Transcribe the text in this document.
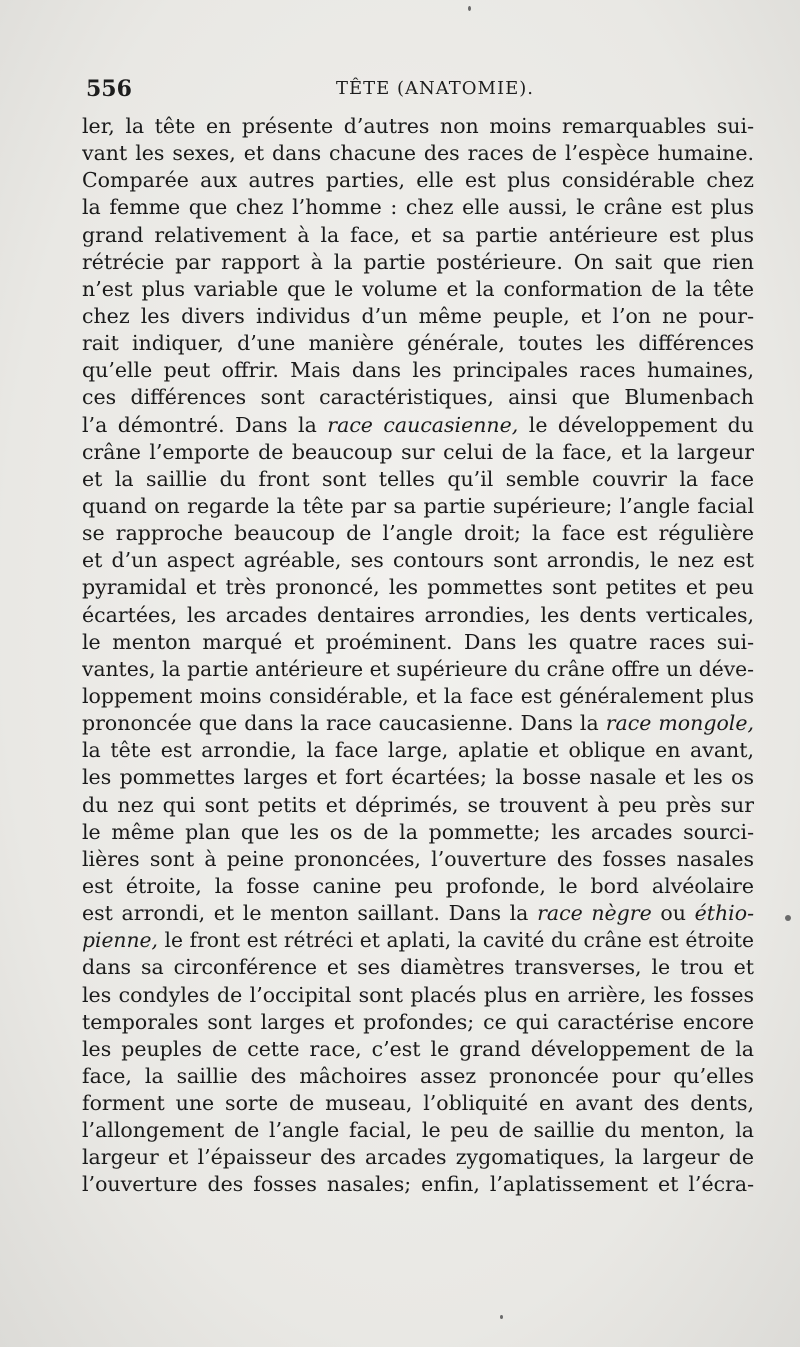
556	TÊTE (ANATOMIE).
ler, la tête en présente d’autres non moins remarquables sui-
vant les sexes, et dans chacune des races de l’espèce humaine.
Comparée aux autres parties, elle est plus considérable chez
la femme que chez l’homme : chez elle aussi, le crâne est plus
grand relativement à la face, et sa partie antérieure est plus
rétrécie par rapport à la partie postérieure. On sait que rien
n’est plus variable que le volume et la conformation de la tête
chez les divers individus d’un même peuple, et l’on ne pour-
rait indiquer, d’une manière générale, toutes les différences
qu’elle peut offrir. Mais dans les principales races humaines,
ces différences sont caractéristiques, ainsi que Blumenbach
l’a démontré. Dans la race caucasienne, le développement du
crâne l’emporte de beaucoup sur celui de la face, et la largeur
et la saillie du front sont telles qu’il semble couvrir la face
quand on regarde la tête par sa partie supérieure; l’angle facial
se rapproche beaucoup de l’angle droit; la face est régulière
et d’un aspect agréable, ses contours sont arrondis, le nez est
pyramidal et très prononcé, les pommettes sont petites et peu
écartées, les arcades dentaires arrondies, les dents verticales,
le menton marqué et proéminent. Dans les quatre races sui-
vantes, la partie antérieure et supérieure du crâne offre un déve-
loppement moins considérable, et la face est généralement plus
prononcée que dans la race caucasienne. Dans la race mongole,
la tête est arrondie, la face large, aplatie et oblique en avant,
les pommettes larges et fort écartées; la bosse nasale et les os
du nez qui sont petits et déprimés, se trouvent à peu près sur
le même plan que les os de la pommette; les arcades sourci-
lières sont à peine prononcées, l’ouverture des fosses nasales
est étroite, la fosse canine peu profonde, le bord alvéolaire
est arrondi, et le menton saillant. Dans la race nègre ou éthio-
pienne, le front est rétréci et aplati, la cavité du crâne est étroite
dans sa circonférence et ses diamètres transverses, le trou et
les condyles de l’occipital sont placés plus en arrière, les fosses
temporales sont larges et profondes; ce qui caractérise encore
les peuples de cette race, c’est le grand développement de la
face, la saillie des mâchoires assez prononcée pour qu’elles
forment une sorte de museau, l’obliquité en avant des dents,
l’allongement de l’angle facial, le peu de saillie du menton, la
largeur et l’épaisseur des arcades zygomatiques, la largeur de
l’ouverture des fosses nasales; enfin, l’aplatissement et l’écra-
